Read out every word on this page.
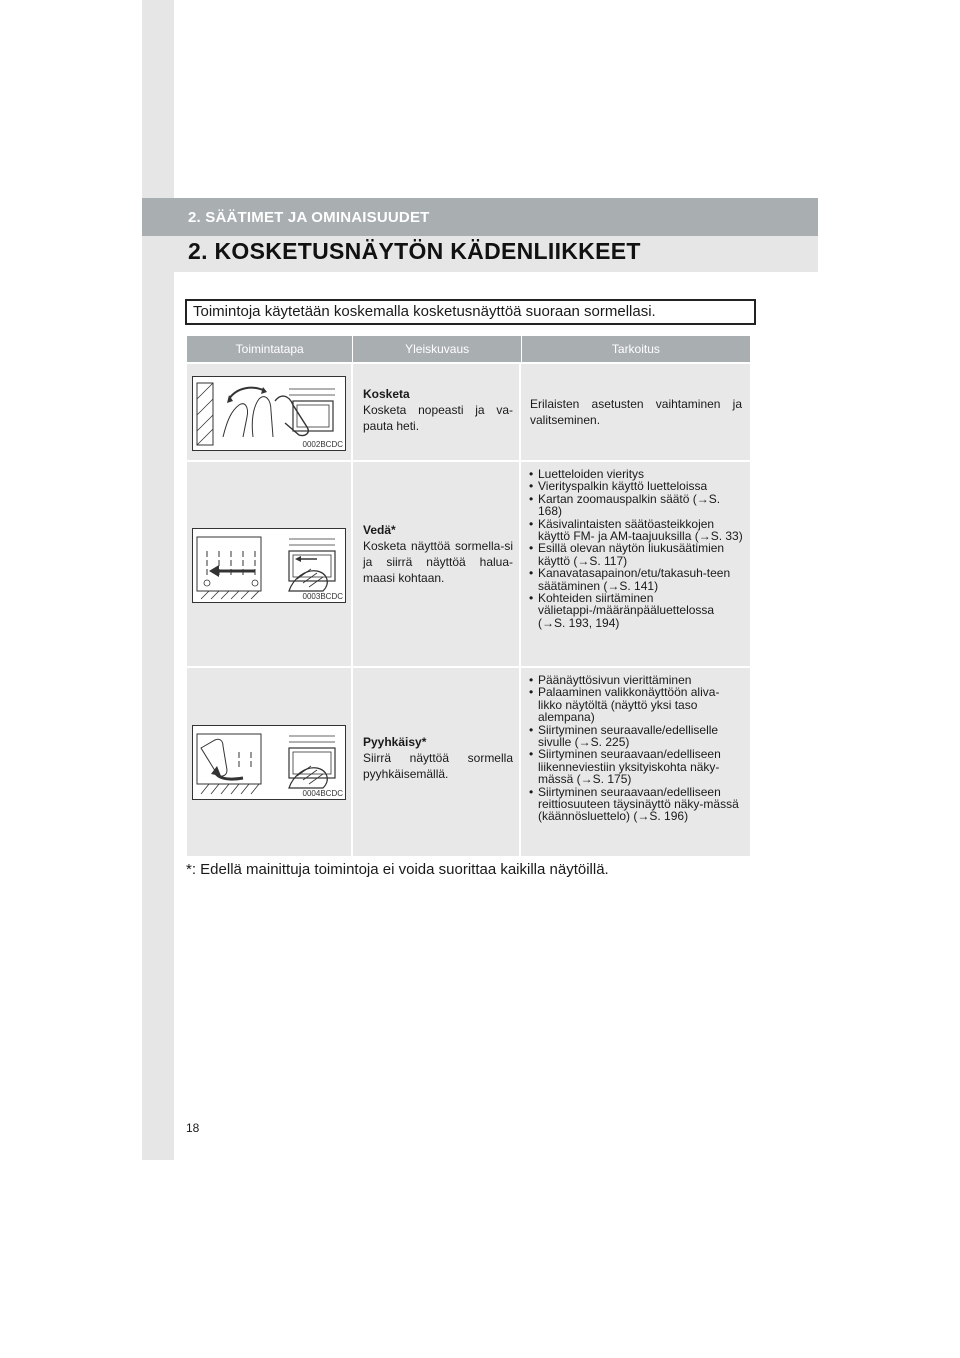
2. SÄÄTIMET JA OMINAISUUDET
2. KOSKETUSNÄYTÖN KÄDENLIIKKEET
Toimintoja käytetään koskemalla kosketusnäyttöä suoraan sormellasi.
Toimintatapa	Yleiskuvaus	Tarkoitus
0002BCDC
Kosketa
Kosketa nopeasti ja va-pauta heti.
Erilaisten asetusten vaihtaminen ja valitseminen.
0003BCDC
Vedä*
Kosketa näyttöä sormella-si ja siirrä näyttöä halua-maasi kohtaan.
• Luetteloiden vieritys
• Vierityspalkin käyttö luetteloissa
• Kartan zoomauspalkin säätö (→S. 168)
• Käsivalintaisten säätöasteikkojen käyttö FM- ja AM-taajuuksilla (→S. 33)
• Esillä olevan näytön liukusäätimien käyttö (→S. 117)
• Kanavatasapainon/etu/takasuh-teen säätäminen (→S. 141)
• Kohteiden siirtäminen välietappi-/määränpääluettelossa (→S. 193, 194)
0004BCDC
Pyyhkäisy*
Siirrä näyttöä sormella pyyhkäisemällä.
• Päänäyttösivun vierittäminen
• Palaaminen valikkonäyttöön aliva-likko näytöltä (näyttö yksi taso alempana)
• Siirtyminen seuraavalle/edelliselle sivulle (→S. 225)
• Siirtyminen seuraavaan/edelliseen liikenneviestiin yksityiskohta näky-mässä (→S. 175)
• Siirtyminen seuraavaan/edelliseen reittiosuuteen täysinäyttö näky-mässä (käännösluettelo) (→S. 196)
*: Edellä mainittuja toimintoja ei voida suorittaa kaikilla näytöillä.
18
